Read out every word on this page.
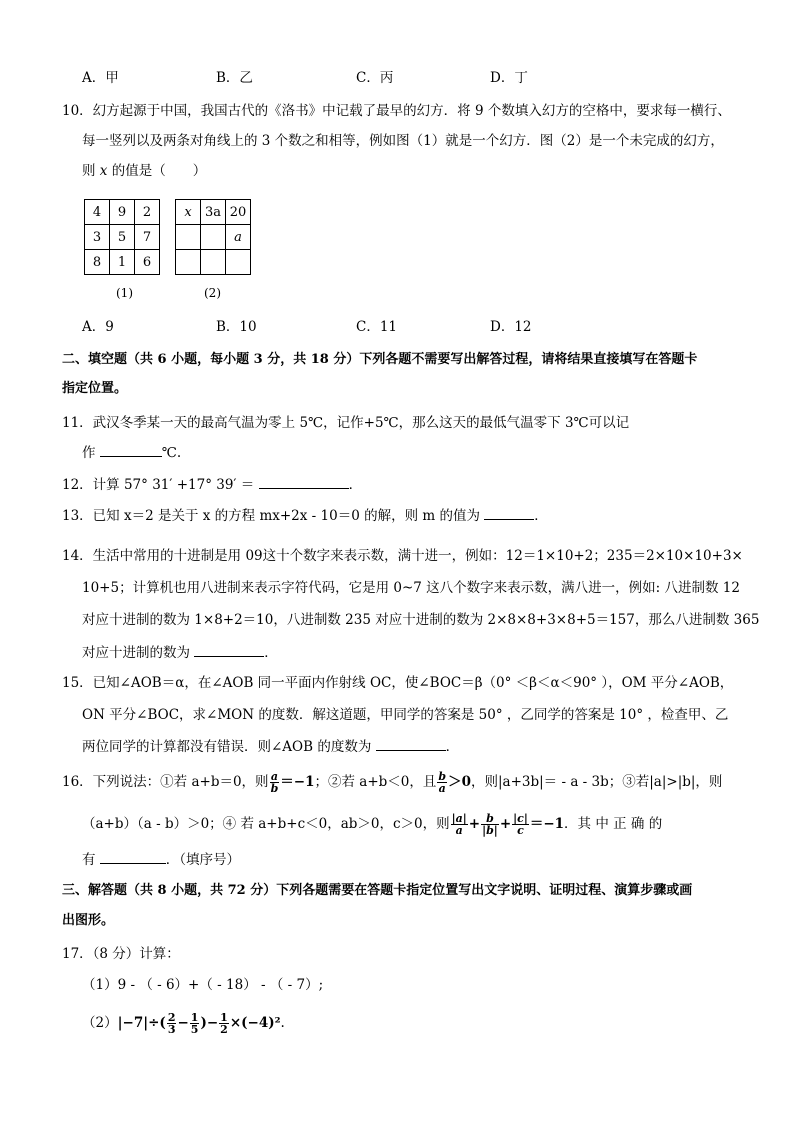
A．甲	B．乙	C．丙	D．丁
10．幻方起源于中国，我国古代的《洛书》中记载了最早的幻方．将 9 个数填入幻方的空格中，要求每一横行、
每一竖列以及两条对角线上的 3 个数之和相等，例如图（1）就是一个幻方．图（2）是一个未完成的幻方，
则 x 的值是（　　）
4	9	2
3	5	7
8	1	6
x	3a	20
		a

(1)	(2)
A．9	B．10	C．11	D．12
二、填空题（共 6 小题，每小题 3 分，共 18 分）下列各题不需要写出解答过程，请将结果直接填写在答题卡
指定位置。
11．武汉冬季某一天的最高气温为零上 5℃，记作+5℃，那么这天的最低气温零下 3℃可以记
作	℃.
12．计算 57° 31′ +17° 39′ ＝	．
13．已知 x＝2 是关于 x 的方程 mx+2x - 10＝0 的解，则 m 的值为	．
14．生活中常用的十进制是用 09这十个数字来表示数，满十进一，例如：12＝1×10+2；235＝2×10×10+3×
10+5；计算机也用八进制来表示字符代码，它是用 0~7 这八个数字来表示数，满八进一，例如: 八进制数 12
对应十进制的数为 1×8+2＝10，八进制数 235 对应十进制的数为 2×8×8+3×8+5＝157，那么八进制数 365
对应十进制的数为	．
15．已知∠AOB＝α，在∠AOB 同一平面内作射线 OC，使∠BOC＝β（0° ＜β＜α＜90° ），OM 平分∠AOB，
ON 平分∠BOC，求∠MON 的度数．解这道题，甲同学的答案是 50° ，乙同学的答案是 10° ，检查甲、乙
两位同学的计算都没有错误．则∠AOB 的度数为	．
16．下列说法：①若 a+b＝0，则 $\frac{a}{b} =-1$；②若 a+b＜0，且 $\frac{b}{a} >0$，则|a+3b|＝ - a - 3b；③若|a|>|b|，则
（a+b）（a - b）＞0；④ 若 a+b+c＜0，ab＞0，c＞0，则 $\frac{|a|}{a} + \frac{b}{|b|} + \frac{|c|}{c} =-1$．其 中 正 确 的
有	．（填序号）
三、解答题（共 8 小题，共 72 分）下列各题需要在答题卡指定位置写出文字说明、证明过程、演算步骤或画
出图形。
17．（8 分）计算：
（1）9 - （ - 6）+（ - 18） - （ - 7）;
$(2)|-7|\div( \frac{2}{3} - \frac{1}{5}$ )− $\frac{1}{2} \times(-4)^2$.
